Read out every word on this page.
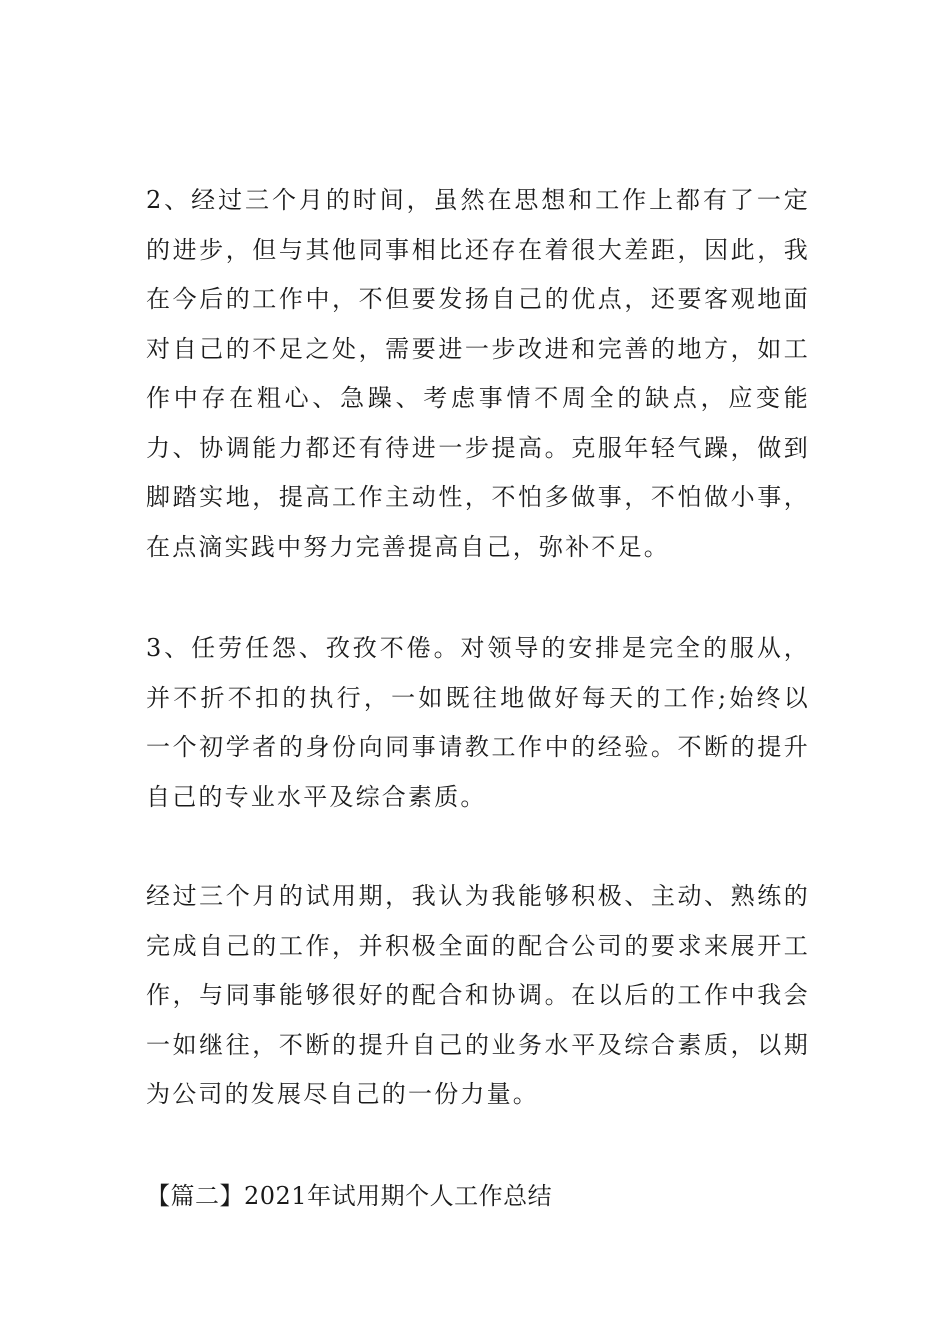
2、经过三个月的时间，虽然在思想和工作上都有了一定的进步，但与其他同事相比还存在着很大差距，因此，我在今后的工作中，不但要发扬自己的优点，还要客观地面对自己的不足之处，需要进一步改进和完善的地方，如工作中存在粗心、急躁、考虑事情不周全的缺点，应变能力、协调能力都还有待进一步提高。克服年轻气躁，做到脚踏实地，提高工作主动性，不怕多做事，不怕做小事，在点滴实践中努力完善提高自己，弥补不足。

3、任劳任怨、孜孜不倦。对领导的安排是完全的服从，并不折不扣的执行，一如既往地做好每天的工作;始终以一个初学者的身份向同事请教工作中的经验。不断的提升自己的专业水平及综合素质。

经过三个月的试用期，我认为我能够积极、主动、熟练的完成自己的工作，并积极全面的配合公司的要求来展开工作，与同事能够很好的配合和协调。在以后的工作中我会一如继往，不断的提升自己的业务水平及综合素质，以期为公司的发展尽自己的一份力量。

【篇二】2021年试用期个人工作总结
